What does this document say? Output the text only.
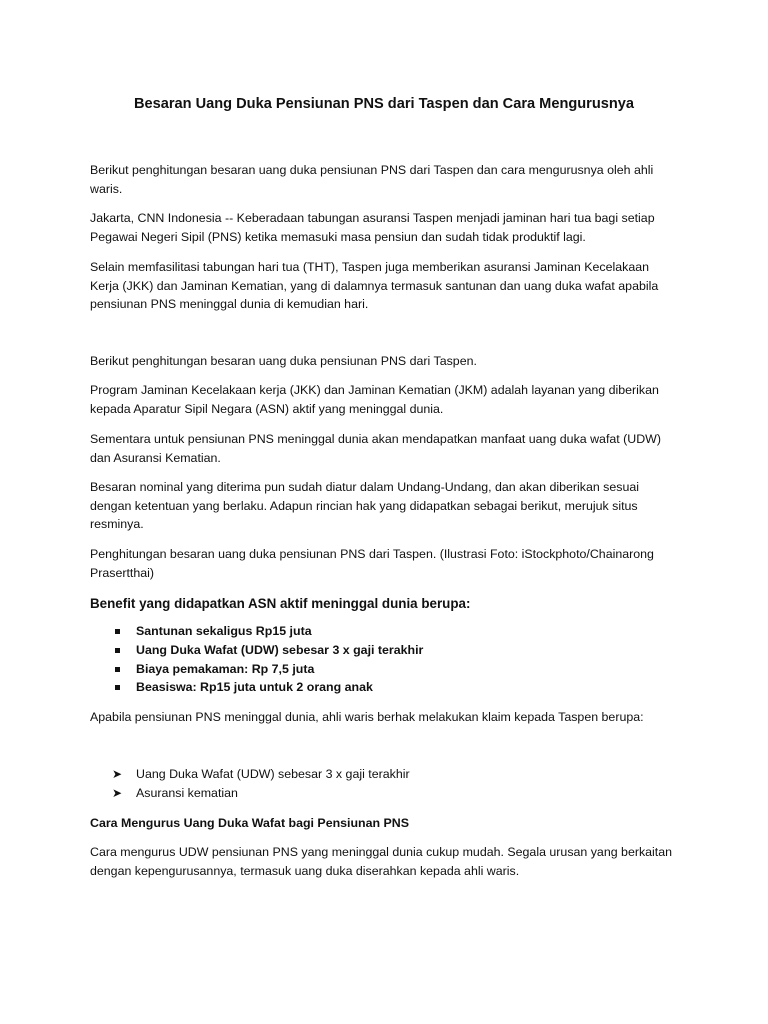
Besaran Uang Duka Pensiunan PNS dari Taspen dan Cara Mengurusnya

Berikut penghitungan besaran uang duka pensiunan PNS dari Taspen dan cara mengurusnya oleh ahli waris.

Jakarta, CNN Indonesia -- Keberadaan tabungan asuransi Taspen menjadi jaminan hari tua bagi setiap Pegawai Negeri Sipil (PNS) ketika memasuki masa pensiun dan sudah tidak produktif lagi.

Selain memfasilitasi tabungan hari tua (THT), Taspen juga memberikan asuransi Jaminan Kecelakaan Kerja (JKK) dan Jaminan Kematian, yang di dalamnya termasuk santunan dan uang duka wafat apabila pensiunan PNS meninggal dunia di kemudian hari.

Berikut penghitungan besaran uang duka pensiunan PNS dari Taspen.

Program Jaminan Kecelakaan kerja (JKK) dan Jaminan Kematian (JKM) adalah layanan yang diberikan kepada Aparatur Sipil Negara (ASN) aktif yang meninggal dunia.

Sementara untuk pensiunan PNS meninggal dunia akan mendapatkan manfaat uang duka wafat (UDW) dan Asuransi Kematian.

Besaran nominal yang diterima pun sudah diatur dalam Undang-Undang, dan akan diberikan sesuai dengan ketentuan yang berlaku. Adapun rincian hak yang didapatkan sebagai berikut, merujuk situs resminya.

Penghitungan besaran uang duka pensiunan PNS dari Taspen. (Ilustrasi Foto: iStockphoto/Chainarong Prasertthai)

Benefit yang didapatkan ASN aktif meninggal dunia berupa:
Santunan sekaligus Rp15 juta
Uang Duka Wafat (UDW) sebesar 3 x gaji terakhir
Biaya pemakaman: Rp 7,5 juta
Beasiswa: Rp15 juta untuk 2 orang anak

Apabila pensiunan PNS meninggal dunia, ahli waris berhak melakukan klaim kepada Taspen berupa:

➤ Uang Duka Wafat (UDW) sebesar 3 x gaji terakhir
➤ Asuransi kematian
Cara Mengurus Uang Duka Wafat bagi Pensiunan PNS

Cara mengurus UDW pensiunan PNS yang meninggal dunia cukup mudah. Segala urusan yang berkaitan dengan kepengurusannya, termasuk uang duka diserahkan kepada ahli waris.
